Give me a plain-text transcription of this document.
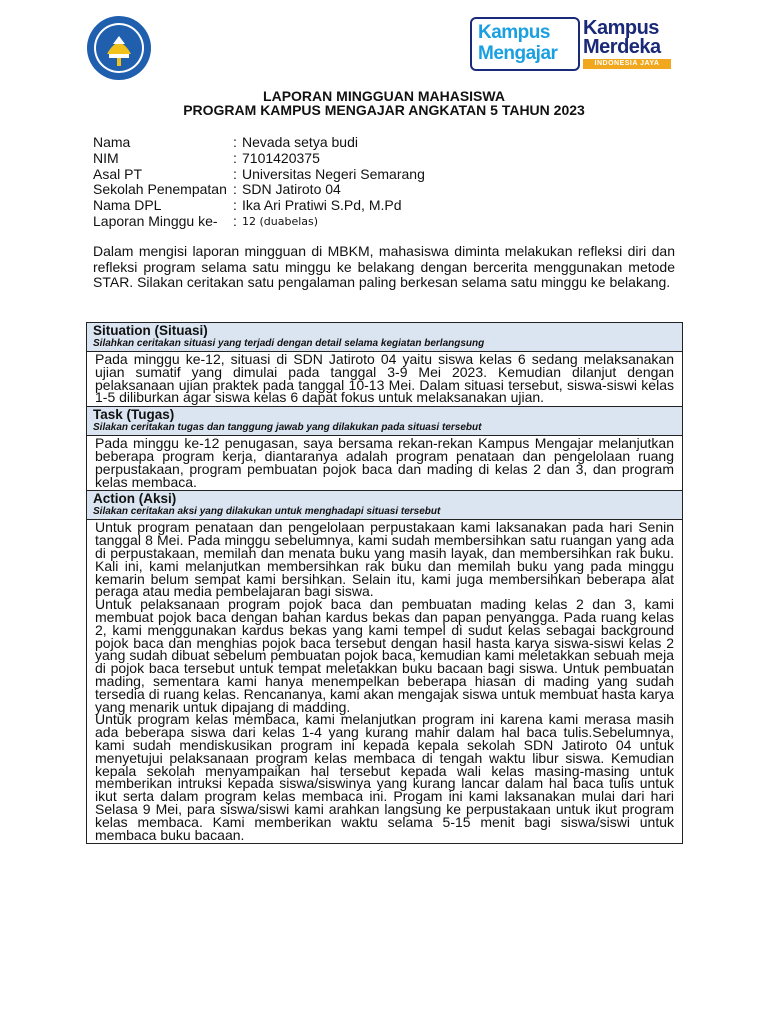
Kampus
Mengajar
Kampus
Merdeka
INDONESIA JAYA
LAPORAN MINGGUAN MAHASISWA
PROGRAM KAMPUS MENGAJAR ANGKATAN 5 TAHUN 2023
Nama	: Nevada setya budi
NIM	: 7101420375
Asal PT	: Universitas Negeri Semarang
Sekolah Penempatan : SDN Jatiroto 04
Nama DPL	: Ika Ari Pratiwi S.Pd, M.Pd
Laporan Minggu ke- : 12 (duabelas)
Dalam mengisi laporan mingguan di MBKM, mahasiswa diminta melakukan refleksi diri dan refleksi program selama satu minggu ke belakang dengan bercerita menggunakan metode STAR. Silakan ceritakan satu pengalaman paling berkesan selama satu minggu ke belakang.
Situation (Situasi)
Silahkan ceritakan situasi yang terjadi dengan detail selama kegiatan berlangsung
Pada minggu ke-12, situasi di SDN Jatiroto 04 yaitu siswa kelas 6 sedang melaksanakan ujian sumatif yang dimulai pada tanggal 3-9 Mei 2023. Kemudian dilanjut dengan pelaksanaan ujian praktek pada tanggal 10-13 Mei. Dalam situasi tersebut, siswa-siswi kelas 1-5 diliburkan agar siswa kelas 6 dapat fokus untuk melaksanakan ujian.
Task (Tugas)
Silakan ceritakan tugas dan tanggung jawab yang dilakukan pada situasi tersebut
Pada minggu ke-12 penugasan, saya bersama rekan-rekan Kampus Mengajar melanjutkan beberapa program kerja, diantaranya adalah program penataan dan pengelolaan ruang perpustakaan, program pembuatan pojok baca dan mading di kelas 2 dan 3, dan program kelas membaca.
Action (Aksi)
Silakan ceritakan aksi yang dilakukan untuk menghadapi situasi tersebut

Untuk program penataan dan pengelolaan perpustakaan kami laksanakan pada hari Senin tanggal 8 Mei. Pada minggu sebelumnya, kami sudah membersihkan satu ruangan yang ada di perpustakaan, memilah dan menata buku yang masih layak, dan membersihkan rak buku. Kali ini, kami melanjutkan membersihkan rak buku dan memilah buku yang pada minggu kemarin belum sempat kami bersihkan. Selain itu, kami juga membersihkan beberapa alat peraga atau media pembelajaran bagi siswa.

Untuk pelaksanaan program pojok baca dan pembuatan mading kelas 2 dan 3, kami membuat pojok baca dengan bahan kardus bekas dan papan penyangga. Pada ruang kelas 2, kami menggunakan kardus bekas yang kami tempel di sudut kelas sebagai background pojok baca dan menghias pojok baca tersebut dengan hasil hasta karya siswa-siswi kelas 2 yang sudah dibuat sebelum pembuatan pojok baca, kemudian kami meletakkan sebuah meja di pojok baca tersebut untuk tempat meletakkan buku bacaan bagi siswa. Untuk pembuatan mading, sementara kami hanya menempelkan beberapa hiasan di mading yang sudah tersedia di ruang kelas. Rencananya, kami akan mengajak siswa untuk membuat hasta karya yang menarik untuk dipajang di madding.

Untuk program kelas membaca, kami melanjutkan program ini karena kami merasa masih ada beberapa siswa dari kelas 1-4 yang kurang mahir dalam hal baca tulis.Sebelumnya, kami sudah mendiskusikan program ini kepada kepala sekolah SDN Jatiroto 04 untuk menyetujui pelaksanaan program kelas membaca di tengah waktu libur siswa. Kemudian kepala sekolah menyampaikan hal tersebut kepada wali kelas masing-masing untuk memberikan intruksi kepada siswa/siswinya yang kurang lancar dalam hal baca tulis untuk ikut serta dalam program kelas membaca ini. Progam ini kami laksanakan mulai dari hari Selasa 9 Mei, para siswa/siswi kami arahkan langsung ke perpustakaan untuk ikut program kelas membaca. Kami memberikan waktu selama 5-15 menit bagi siswa/siswi untuk membaca buku bacaan.
